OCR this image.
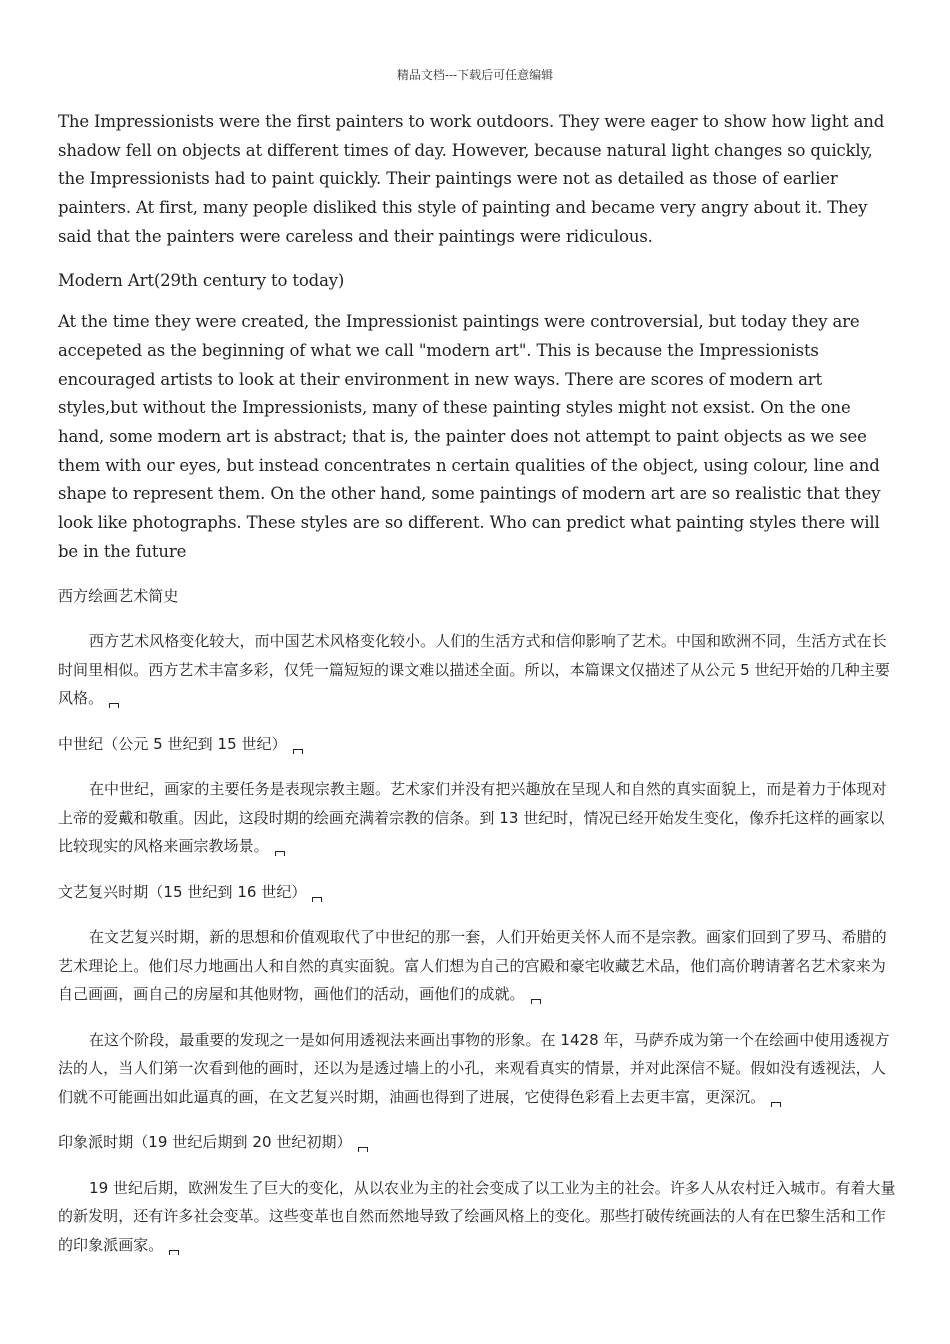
精品文档---下载后可任意编辑

The Impressionists were the first painters to work outdoors. They were eager to show how light and shadow fell on objects at different times of day. However, because natural light changes so quickly, the Impressionists had to paint quickly. Their paintings were not as detailed as those of earlier painters. At first, many people disliked this style of painting and became very angry about it. They said that the painters were careless and their paintings were ridiculous.

Modern Art(29th century to today)

At the time they were created, the Impressionist paintings were controversial, but today they are accepeted as the beginning of what we call "modern art". This is because the Impressionists encouraged artists to look at their environment in new ways. There are scores of modern art styles,but without the Impressionists, many of these painting styles might not exsist. On the one hand, some modern art is abstract; that is, the painter does not attempt to paint objects as we see them with our eyes, but instead concentrates n certain qualities of the object, using colour, line and shape to represent them. On the other hand, some paintings of modern art are so realistic that they look like photographs. These styles are so different. Who can predict what painting styles there will be in the future

西方绘画艺术简史

西方艺术风格变化较大，而中国艺术风格变化较小。人们的生活方式和信仰影响了艺术。中国和欧洲不同，生活方式在长时间里相似。西方艺术丰富多彩，仅凭一篇短短的课文难以描述全面。所以，本篇课文仅描述了从公元 5 世纪开始的几种主要风格。

中世纪（公元 5 世纪到 15 世纪）

在中世纪，画家的主要任务是表现宗教主题。艺术家们并没有把兴趣放在呈现人和自然的真实面貌上，而是着力于体现对上帝的爱戴和敬重。因此，这段时期的绘画充满着宗教的信条。到 13 世纪时，情况已经开始发生变化，像乔托这样的画家以比较现实的风格来画宗教场景。

文艺复兴时期（15 世纪到 16 世纪）

在文艺复兴时期，新的思想和价值观取代了中世纪的那一套，人们开始更关怀人而不是宗教。画家们回到了罗马、希腊的艺术理论上。他们尽力地画出人和自然的真实面貌。富人们想为自己的宫殿和豪宅收藏艺术品，他们高价聘请著名艺术家来为自己画画，画自己的房屋和其他财物，画他们的活动，画他们的成就。

在这个阶段，最重要的发现之一是如何用透视法来画出事物的形象。在 1428 年，马萨乔成为第一个在绘画中使用透视方法的人，当人们第一次看到他的画时，还以为是透过墙上的小孔，来观看真实的情景，并对此深信不疑。假如没有透视法，人们就不可能画出如此逼真的画，在文艺复兴时期，油画也得到了进展，它使得色彩看上去更丰富，更深沉。

印象派时期（19 世纪后期到 20 世纪初期）

19 世纪后期，欧洲发生了巨大的变化，从以农业为主的社会变成了以工业为主的社会。许多人从农村迁入城市。有着大量的新发明，还有许多社会变革。这些变革也自然而然地导致了绘画风格上的变化。那些打破传统画法的人有在巴黎生活和工作的印象派画家。
